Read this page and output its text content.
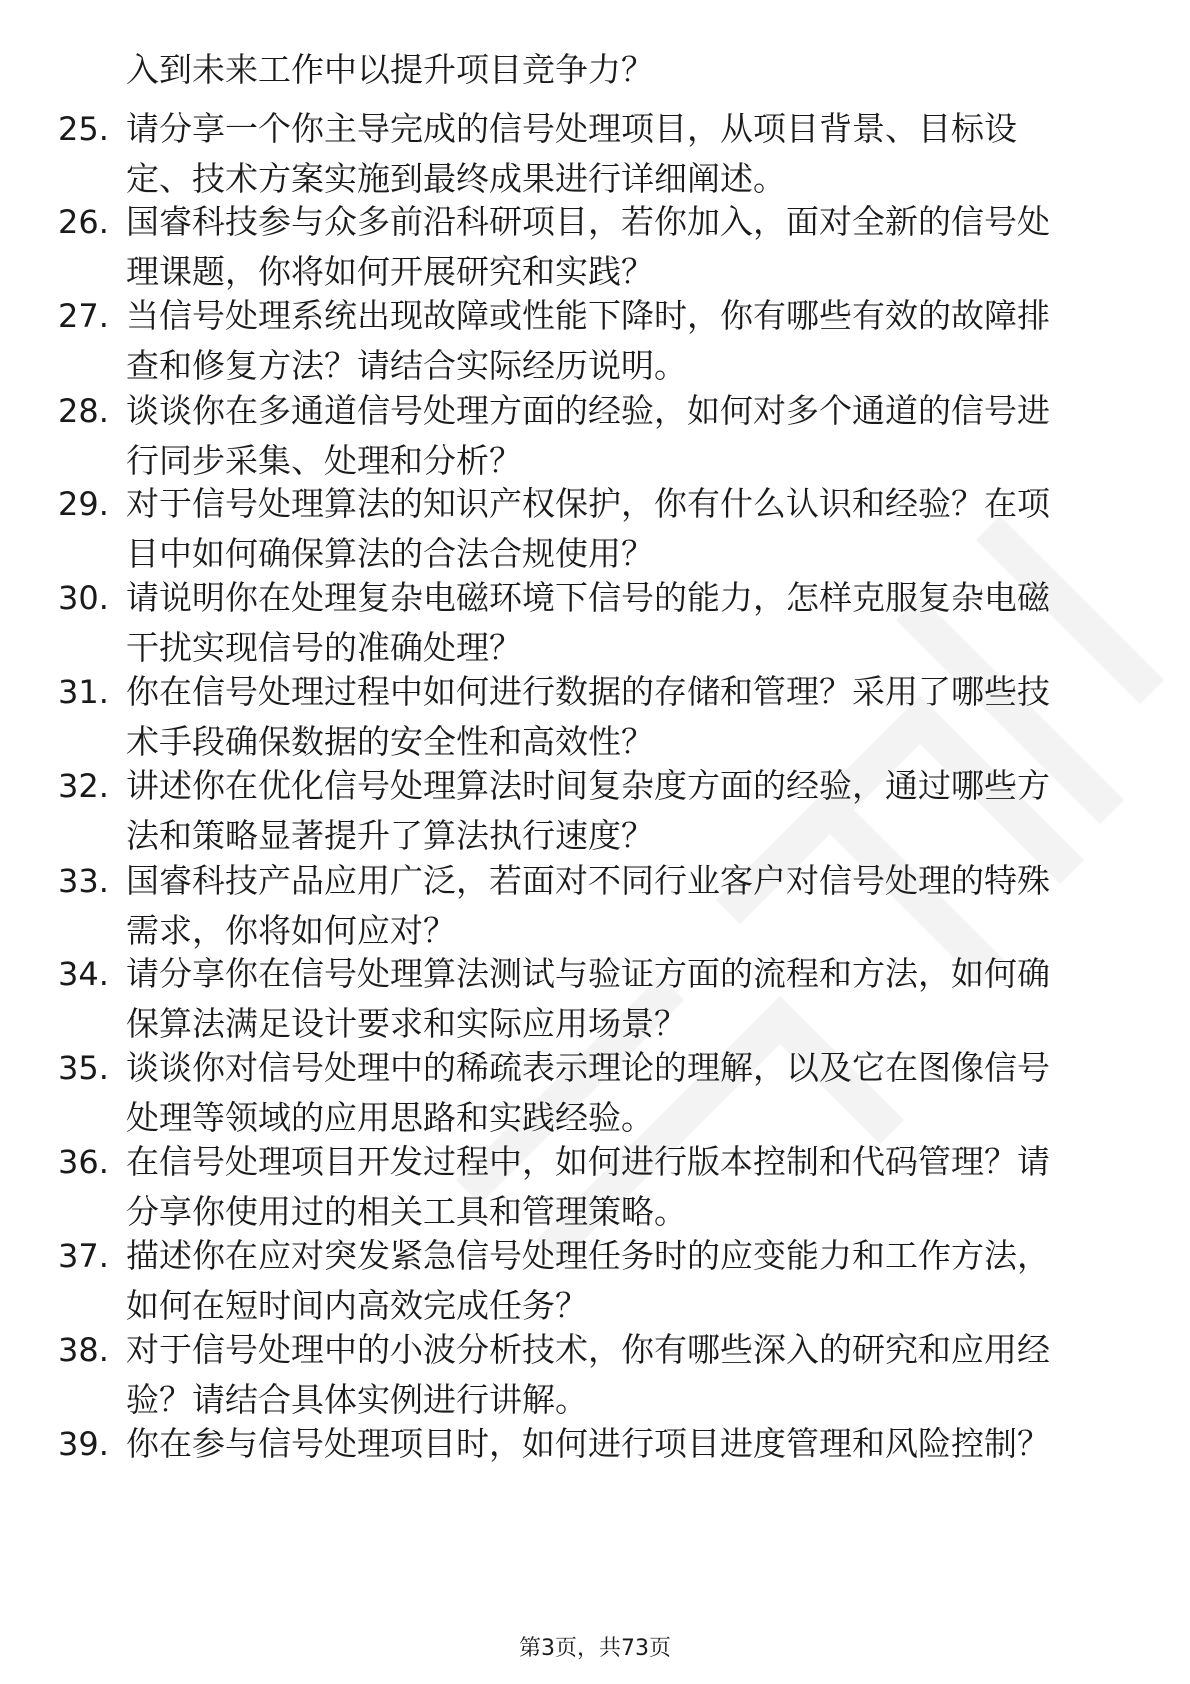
入到未来工作中以提升项目竞争力？
25. 请分享一个你主导完成的信号处理项目，从项目背景、目标设
定、技术方案实施到最终成果进行详细阐述。
26. 国睿科技参与众多前沿科研项目，若你加入，面对全新的信号处
理课题，你将如何开展研究和实践？
27. 当信号处理系统出现故障或性能下降时，你有哪些有效的故障排
查和修复方法？请结合实际经历说明。
28. 谈谈你在多通道信号处理方面的经验，如何对多个通道的信号进
行同步采集、处理和分析？
29. 对于信号处理算法的知识产权保护，你有什么认识和经验？在项
目中如何确保算法的合法合规使用？
30. 请说明你在处理复杂电磁环境下信号的能力，怎样克服复杂电磁
干扰实现信号的准确处理？
31. 你在信号处理过程中如何进行数据的存储和管理？采用了哪些技
术手段确保数据的安全性和高效性？
32. 讲述你在优化信号处理算法时间复杂度方面的经验，通过哪些方
法和策略显著提升了算法执行速度？
33. 国睿科技产品应用广泛，若面对不同行业客户对信号处理的特殊
需求，你将如何应对？
34. 请分享你在信号处理算法测试与验证方面的流程和方法，如何确
保算法满足设计要求和实际应用场景？
35. 谈谈你对信号处理中的稀疏表示理论的理解，以及它在图像信号
处理等领域的应用思路和实践经验。
36. 在信号处理项目开发过程中，如何进行版本控制和代码管理？请
分享你使用过的相关工具和管理策略。
37. 描述你在应对突发紧急信号处理任务时的应变能力和工作方法，
如何在短时间内高效完成任务？
38. 对于信号处理中的小波分析技术，你有哪些深入的研究和应用经
验？请结合具体实例进行讲解。
39. 你在参与信号处理项目时，如何进行项目进度管理和风险控制？
第3页，共73页
